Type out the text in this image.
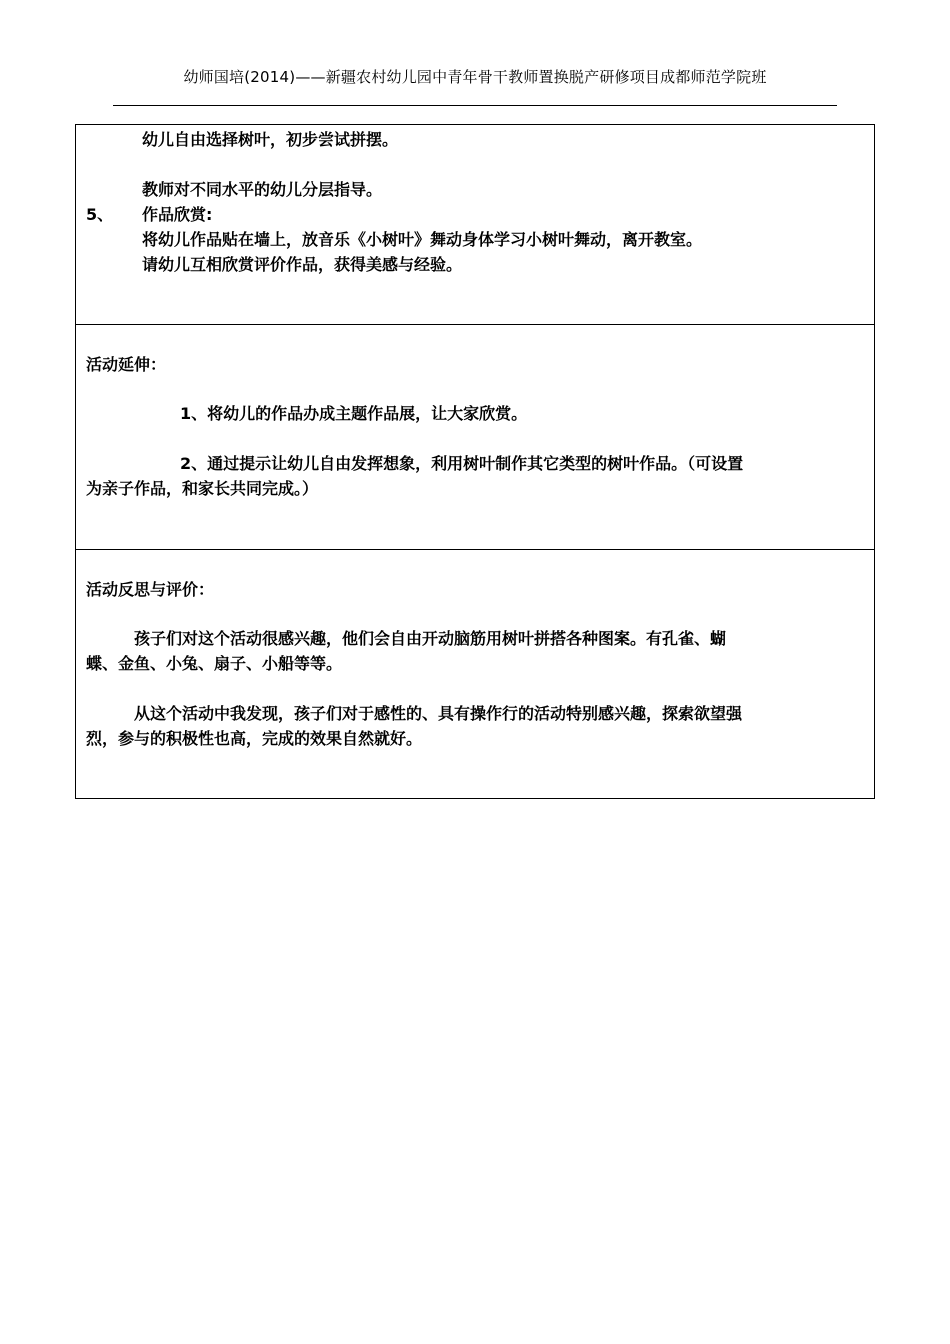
幼师国培(2014)——新疆农村幼儿园中青年骨干教师置换脱产研修项目成都师范学院班
幼儿自由选择树叶，初步尝试拼摆。
教师对不同水平的幼儿分层指导。
5、 作品欣赏:
将幼儿作品贴在墙上，放音乐《小树叶》舞动身体学习小树叶舞动，离开教室。
请幼儿互相欣赏评价作品，获得美感与经验。
活动延伸：
1、将幼儿的作品办成主题作品展，让大家欣赏。
2、通过提示让幼儿自由发挥想象，利用树叶制作其它类型的树叶作品。（可设置
为亲子作品，和家长共同完成。）
活动反思与评价：
孩子们对这个活动很感兴趣，他们会自由开动脑筋用树叶拼搭各种图案。有孔雀、蝴
蝶、金鱼、小兔、扇子、小船等等。
从这个活动中我发现，孩子们对于感性的、具有操作行的活动特别感兴趣，探索欲望强
烈，参与的积极性也高，完成的效果自然就好。
